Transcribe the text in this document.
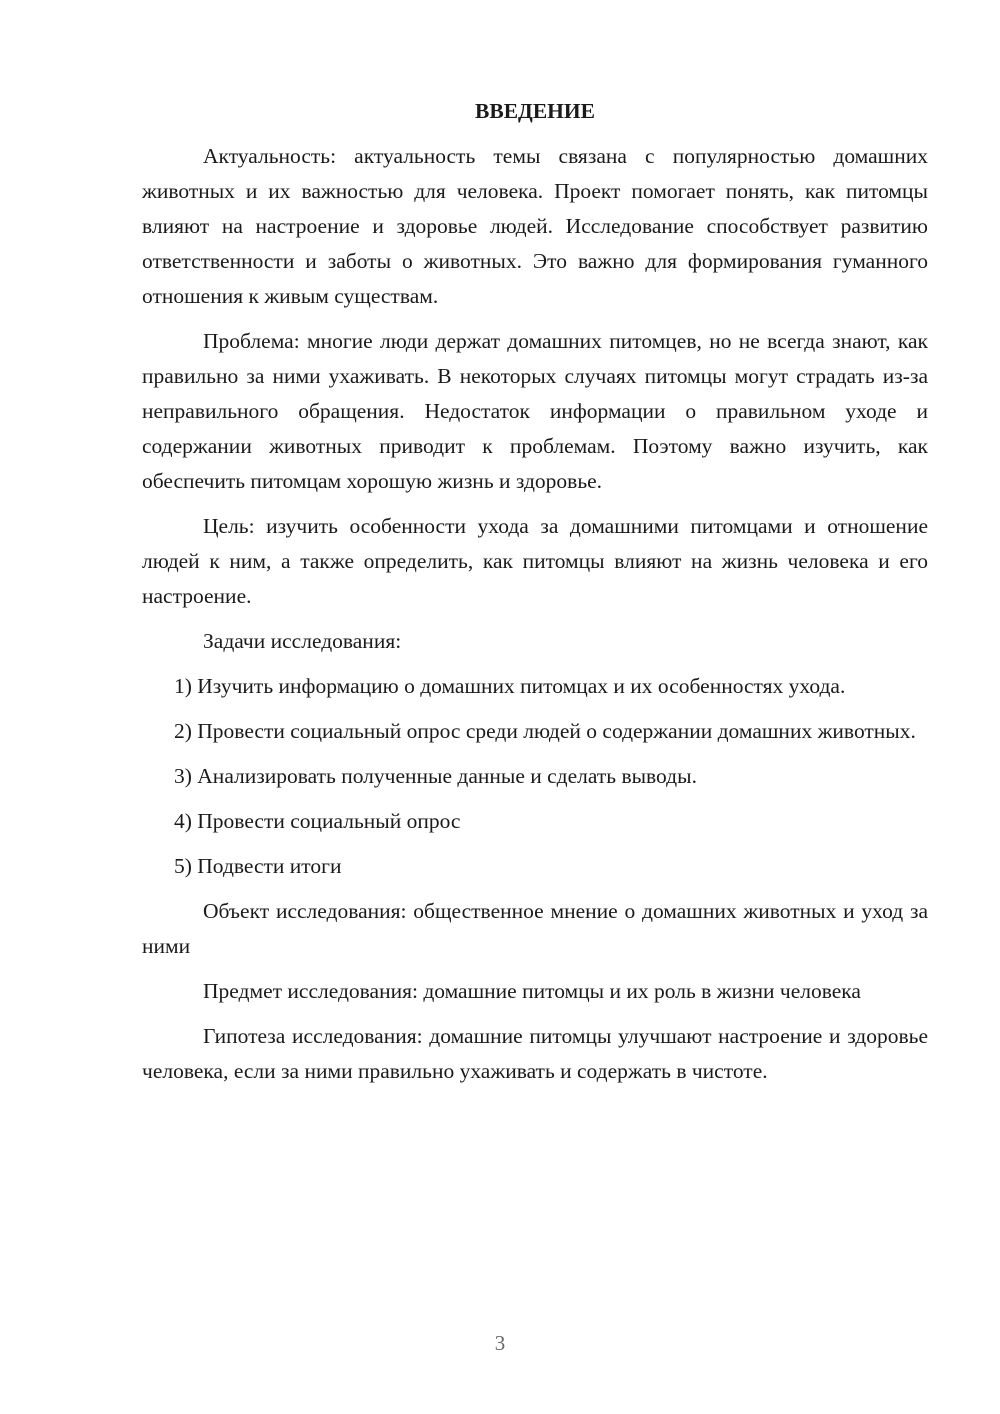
ВВЕДЕНИЕ

Актуальность: актуальность темы связана с популярностью домашних животных и их важностью для человека. Проект помогает понять, как питомцы влияют на настроение и здоровье людей. Исследование способствует развитию ответственности и заботы о животных. Это важно для формирования гуманного отношения к живым существам.

Проблема: многие люди держат домашних питомцев, но не всегда знают, как правильно за ними ухаживать. В некоторых случаях питомцы могут страдать из-за неправильного обращения. Недостаток информации о правильном уходе и содержании животных приводит к проблемам. Поэтому важно изучить, как обеспечить питомцам хорошую жизнь и здоровье.

Цель: изучить особенности ухода за домашними питомцами и отношение людей к ним, а также определить, как питомцы влияют на жизнь человека и его настроение.

Задачи исследования:

1) Изучить информацию о домашних питомцах и их особенностях ухода.

2) Провести социальный опрос среди людей о содержании домашних животных.

3) Анализировать полученные данные и сделать выводы.

4) Провести социальный опрос

5) Подвести итоги

Объект исследования: общественное мнение о домашних животных и уход за ними

Предмет исследования: домашние питомцы и их роль в жизни человека

Гипотеза исследования: домашние питомцы улучшают настроение и здоровье человека, если за ними правильно ухаживать и содержать в чистоте.

3
